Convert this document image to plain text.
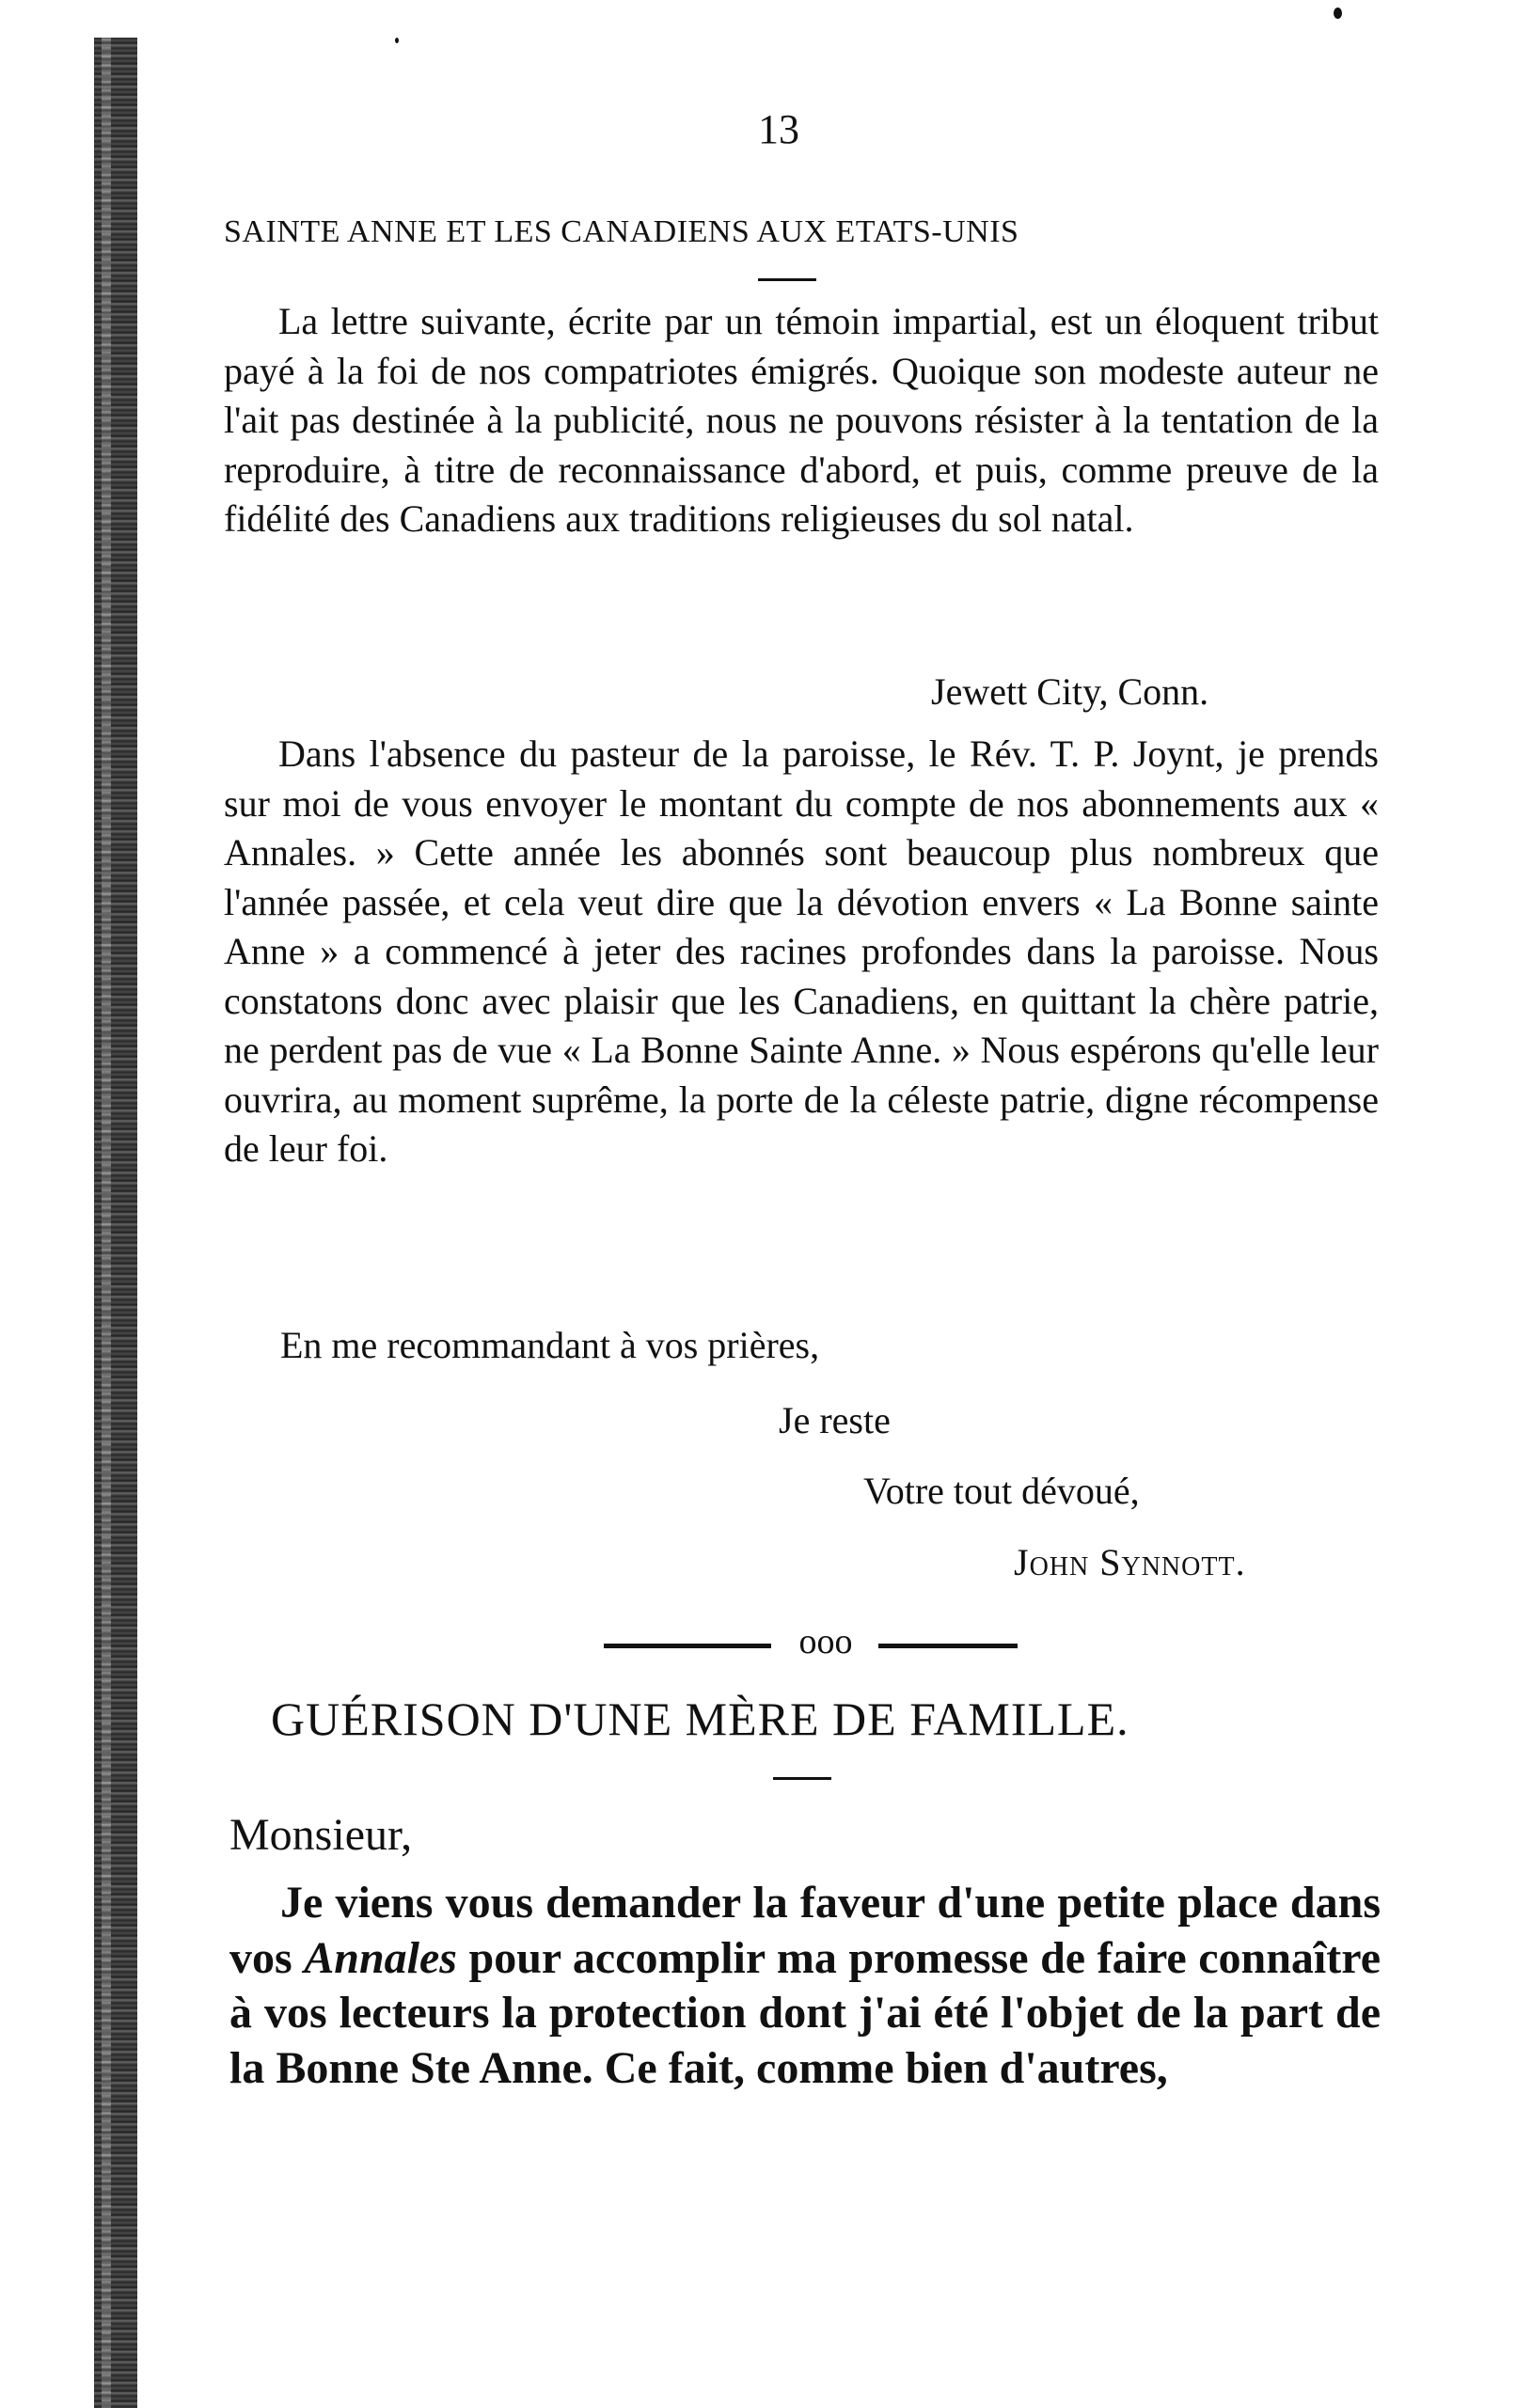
13
SAINTE ANNE ET LES CANADIENS AUX ETATS-UNIS

La lettre suivante, écrite par un témoin impartial, est un éloquent tribut payé à la foi de nos compatriotes émigrés. Quoique son modeste auteur ne l'ait pas destinée à la publicité, nous ne pouvons résister à la tentation de la reproduire, à titre de reconnaissance d'abord, et puis, comme preuve de la fidélité des Canadiens aux traditions religieuses du sol natal.

Jewett City, Conn.

Dans l'absence du pasteur de la paroisse, le Rév. T. P. Joynt, je prends sur moi de vous envoyer le montant du compte de nos abonnements aux « Annales. » Cette année les abonnés sont beaucoup plus nombreux que l'année passée, et cela veut dire que la dévotion envers « La Bonne sainte Anne » a commencé à jeter des racines profondes dans la paroisse. Nous constatons donc avec plaisir que les Canadiens, en quittant la chère patrie, ne perdent pas de vue « La Bonne Sainte Anne. » Nous espérons qu'elle leur ouvrira, au moment suprême, la porte de la céleste patrie, digne récompense de leur foi.

En me recommandant à vos prières,
Je reste
Votre tout dévoué,
John Synnott.
ooo
GUÉRISON D'UNE MÈRE DE FAMILLE.
Monsieur,

Je viens vous demander la faveur d'une petite place dans vos Annales pour accomplir ma promesse de faire connaître à vos lecteurs la protection dont j'ai été l'objet de la part de la Bonne Ste Anne. Ce fait, comme bien d'autres,
